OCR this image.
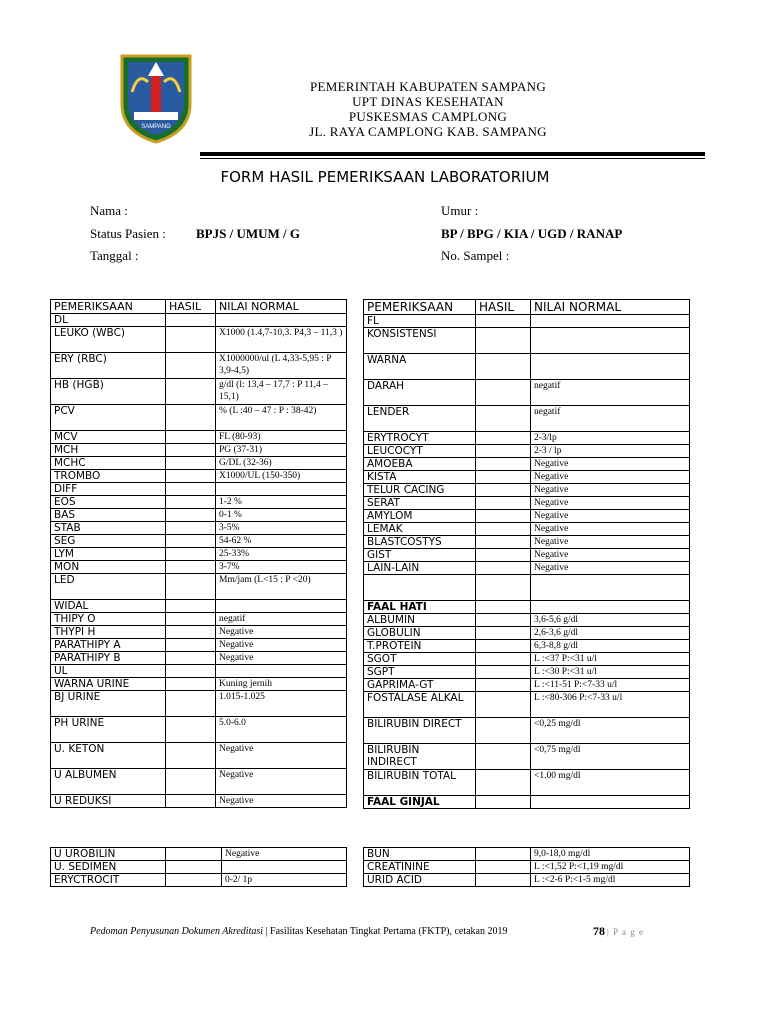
SAMPANG
PEMERINTAH KABUPATEN SAMPANG
UPT DINAS KESEHATAN
PUSKESMAS CAMPLONG
JL. RAYA CAMPLONG KAB. SAMPANG
FORM HASIL PEMERIKSAAN LABORATORIUM
Nama :	Umur :
Status Pasien : BPJS / UMUM / G	BP / BPG / KIA / UGD / RANAP
Tanggal :	No. Sampel :
PEMERIKSAAN	HASIL	NILAI NORMAL
DL		
LEUKO (WBC)		X1000 (1.4,7-10,3. P4,3 – 11,3 )
ERY (RBC)		X1000000/ul (L 4,33-5,95 : P 3,9-4,5)
HB (HGB)		g/dl (l: 13,4 – 17,7 : P 11,4 – 15,1)
PCV		% (L :40 – 47 : P : 38-42)
MCV		FL (80-93)
MCH		PG (37-31)
MCHC		G/DL (32-36)
TROMBO		X1000/UL (150-350)
DIFF		
EOS		1-2 %
BAS		0-1 %
STAB		3-5%
SEG		54-62 %
LYM		25-33%
MON		3-7%
LED		Mm/jam (L<15 : P <20)
WIDAL		
THIPY O		negatif
THYPI H		Negative
PARATHIPY A		Negative
PARATHIPY B		Negative
UL		
WARNA URINE		Kuning jernih
BJ URINE		1.015-1.025
PH URINE		5.0-6.0
U. KETON		Negative
U ALBUMEN		Negative
U REDUKSI		Negative
PEMERIKSAAN	HASIL	NILAI NORMAL
FL		
KONSISTENSI		
WARNA		
DARAH		negatif
LENDER		negatif
ERYTROCYT		2-3/lp
LEUCOCYT		2-3 / lp
AMOEBA		Negative
KISTA		Negative
TELUR CACING		Negative
SERAT		Negative
AMYLOM		Negative
LEMAK		Negative
BLASTCOSTYS		Negative
GIST		Negative
LAIN-LAIN		Negative

FAAL HATI		
ALBUMIN		3,6-5,6 g/dl
GLOBULIN		2,6-3,6 g/dl
T.PROTEIN		6,3-8,8 g/dl
SGOT		L :<37 P:<31 u/l
SGPT		L :<30 P:<31 u/l
GAPRIMA-GT		L :<11-51 P:<7-33 u/l
FOSTALASE ALKAL		L :<80-306 P:<7-33 u/l
BILIRUBIN DIRECT		<0,25 mg/dl
BILIRUBIN INDIRECT		<0,75 mg/dl
BILIRUBIN TOTAL		<1.00 mg/dl
FAAL GINJAL		
U UROBILIN		Negative
U. SEDIMEN		
ERYCTROCIT		0-2/ 1p
BUN		9,0-18,0 mg/dl
CREATININE		L :<1,52 P:<1,19 mg/dl
URID ACID		L :<2-6 P:<1-5 mg/dl
Pedoman Penyusunan Dokumen Akreditasi | Fasilitas Kesehatan Tingkat Pertama (FKTP), cetakan 2019	78 | P a g e
